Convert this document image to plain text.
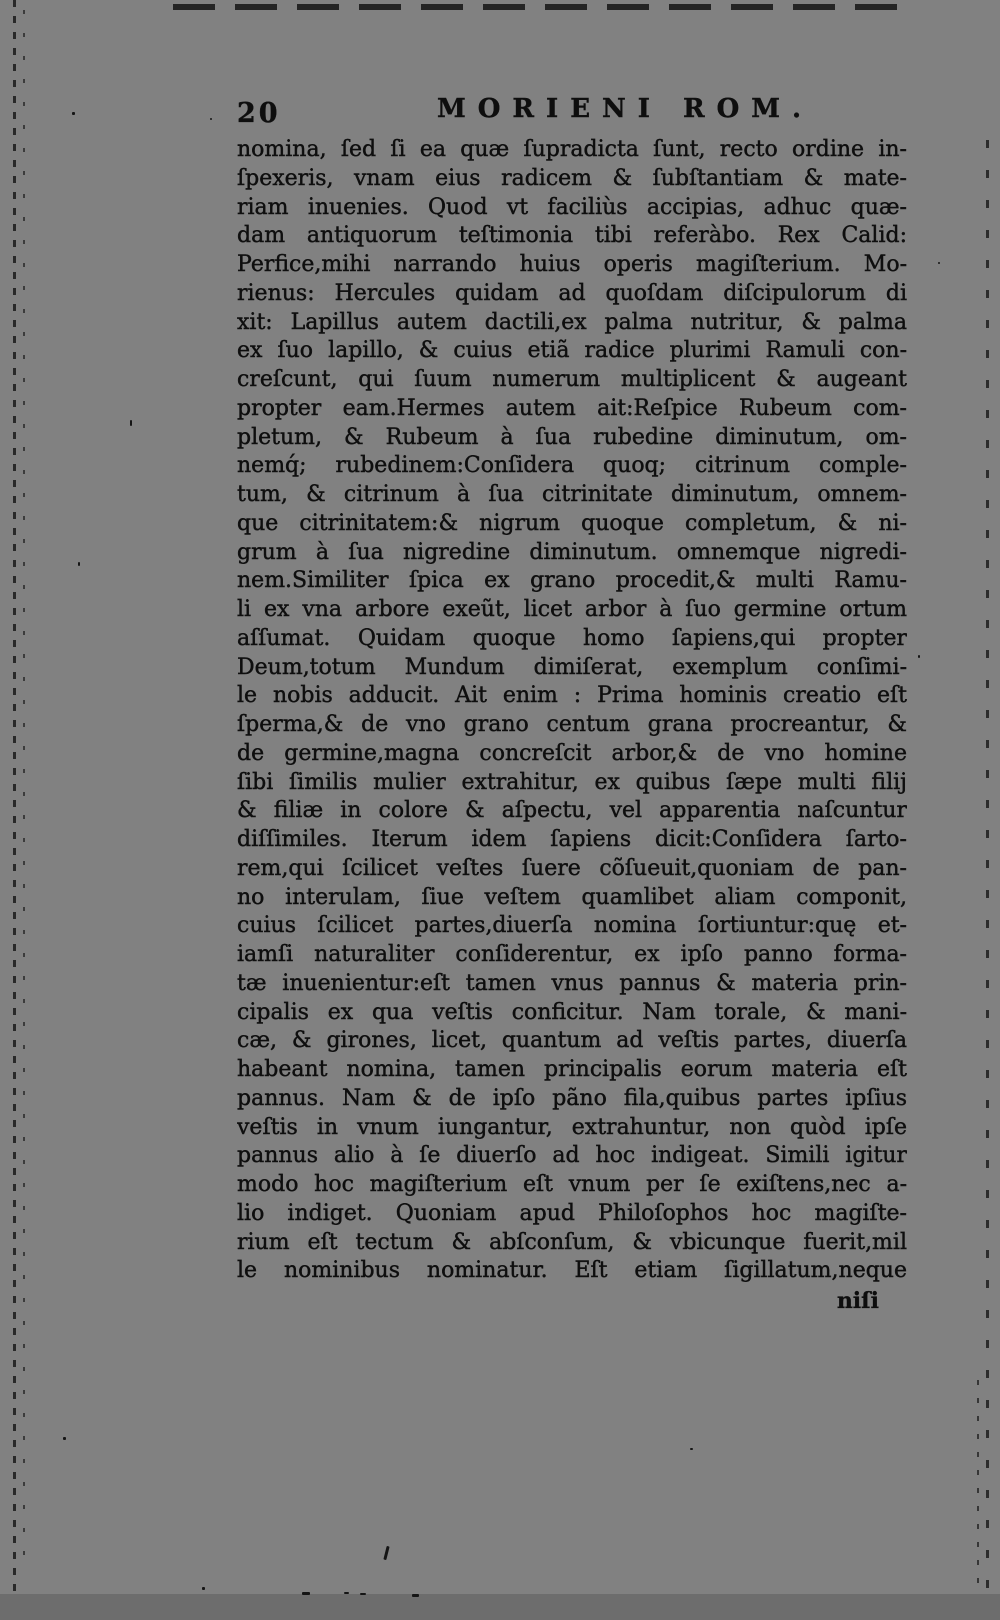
20	MORIENI ROM.
nomina, ſed ſi ea quæ ſupradicta ſunt, recto ordine in-
ſpexeris, vnam eius radicem & ſubſtantiam & mate-
riam inuenies. Quod vt faciliùs accipias, adhuc quæ-
dam antiquorum teſtimonia tibi referàbo. Rex Calid:
Perfice,mihi narrando huius operis magiſterium. Mo-
rienus: Hercules quidam ad quoſdam diſcipulorum di
xit: Lapillus autem dactili,ex palma nutritur, & palma
ex ſuo lapillo, & cuius etiã radice plurimi Ramuli con-
creſcunt, qui ſuum numerum multiplicent & augeant
propter eam.Hermes autem ait:Reſpice Rubeum com-
pletum, & Rubeum à ſua rubedine diminutum, om-
nemq́; rubedinem:Conſidera quoq; citrinum comple-
tum, & citrinum à ſua citrinitate diminutum, omnem-
que citrinitatem:& nigrum quoque completum, & ni-
grum à ſua nigredine diminutum. omnemque nigredi-
nem.Similiter ſpica ex grano procedit,& multi Ramu-
li ex vna arbore exeũt, licet arbor à ſuo germine ortum
aſſumat. Quidam quoque homo ſapiens,qui propter
Deum,totum Mundum dimiſerat, exemplum conſimi-
le nobis adducit. Ait enim : Prima hominis creatio eſt
ſperma,& de vno grano centum grana procreantur, &
de germine,magna concreſcit arbor,& de vno homine
ſibi ſimilis mulier extrahitur, ex quibus ſæpe multi filij
& filiæ in colore & aſpectu, vel apparentia naſcuntur
diſſimiles. Iterum idem ſapiens dicit:Conſidera ſarto-
rem,qui ſcilicet veſtes ſuere cõſueuit,quoniam de pan-
no interulam, ſiue veſtem quamlibet aliam componit,
cuius ſcilicet partes,diuerſa nomina ſortiuntur:quę et-
iamſi naturaliter conſiderentur, ex ipſo panno forma-
tæ inuenientur:eſt tamen vnus pannus & materia prin-
cipalis ex qua veſtis conficitur. Nam torale, & mani-
cæ, & girones, licet, quantum ad veſtis partes, diuerſa
habeant nomina, tamen principalis eorum materia eſt
pannus. Nam & de ipſo pãno fila,quibus partes ipſius
veſtis in vnum iungantur, extrahuntur, non quòd ipſe
pannus alio à ſe diuerſo ad hoc indigeat. Simili igitur
modo hoc magiſterium eſt vnum per ſe exiſtens,nec a-
lio indiget. Quoniam apud Philoſophos hoc magiſte-
rium eſt tectum & abſconſum, & vbicunque fuerit,mil
le nominibus nominatur. Eſt etiam ſigillatum,neque
niſi
